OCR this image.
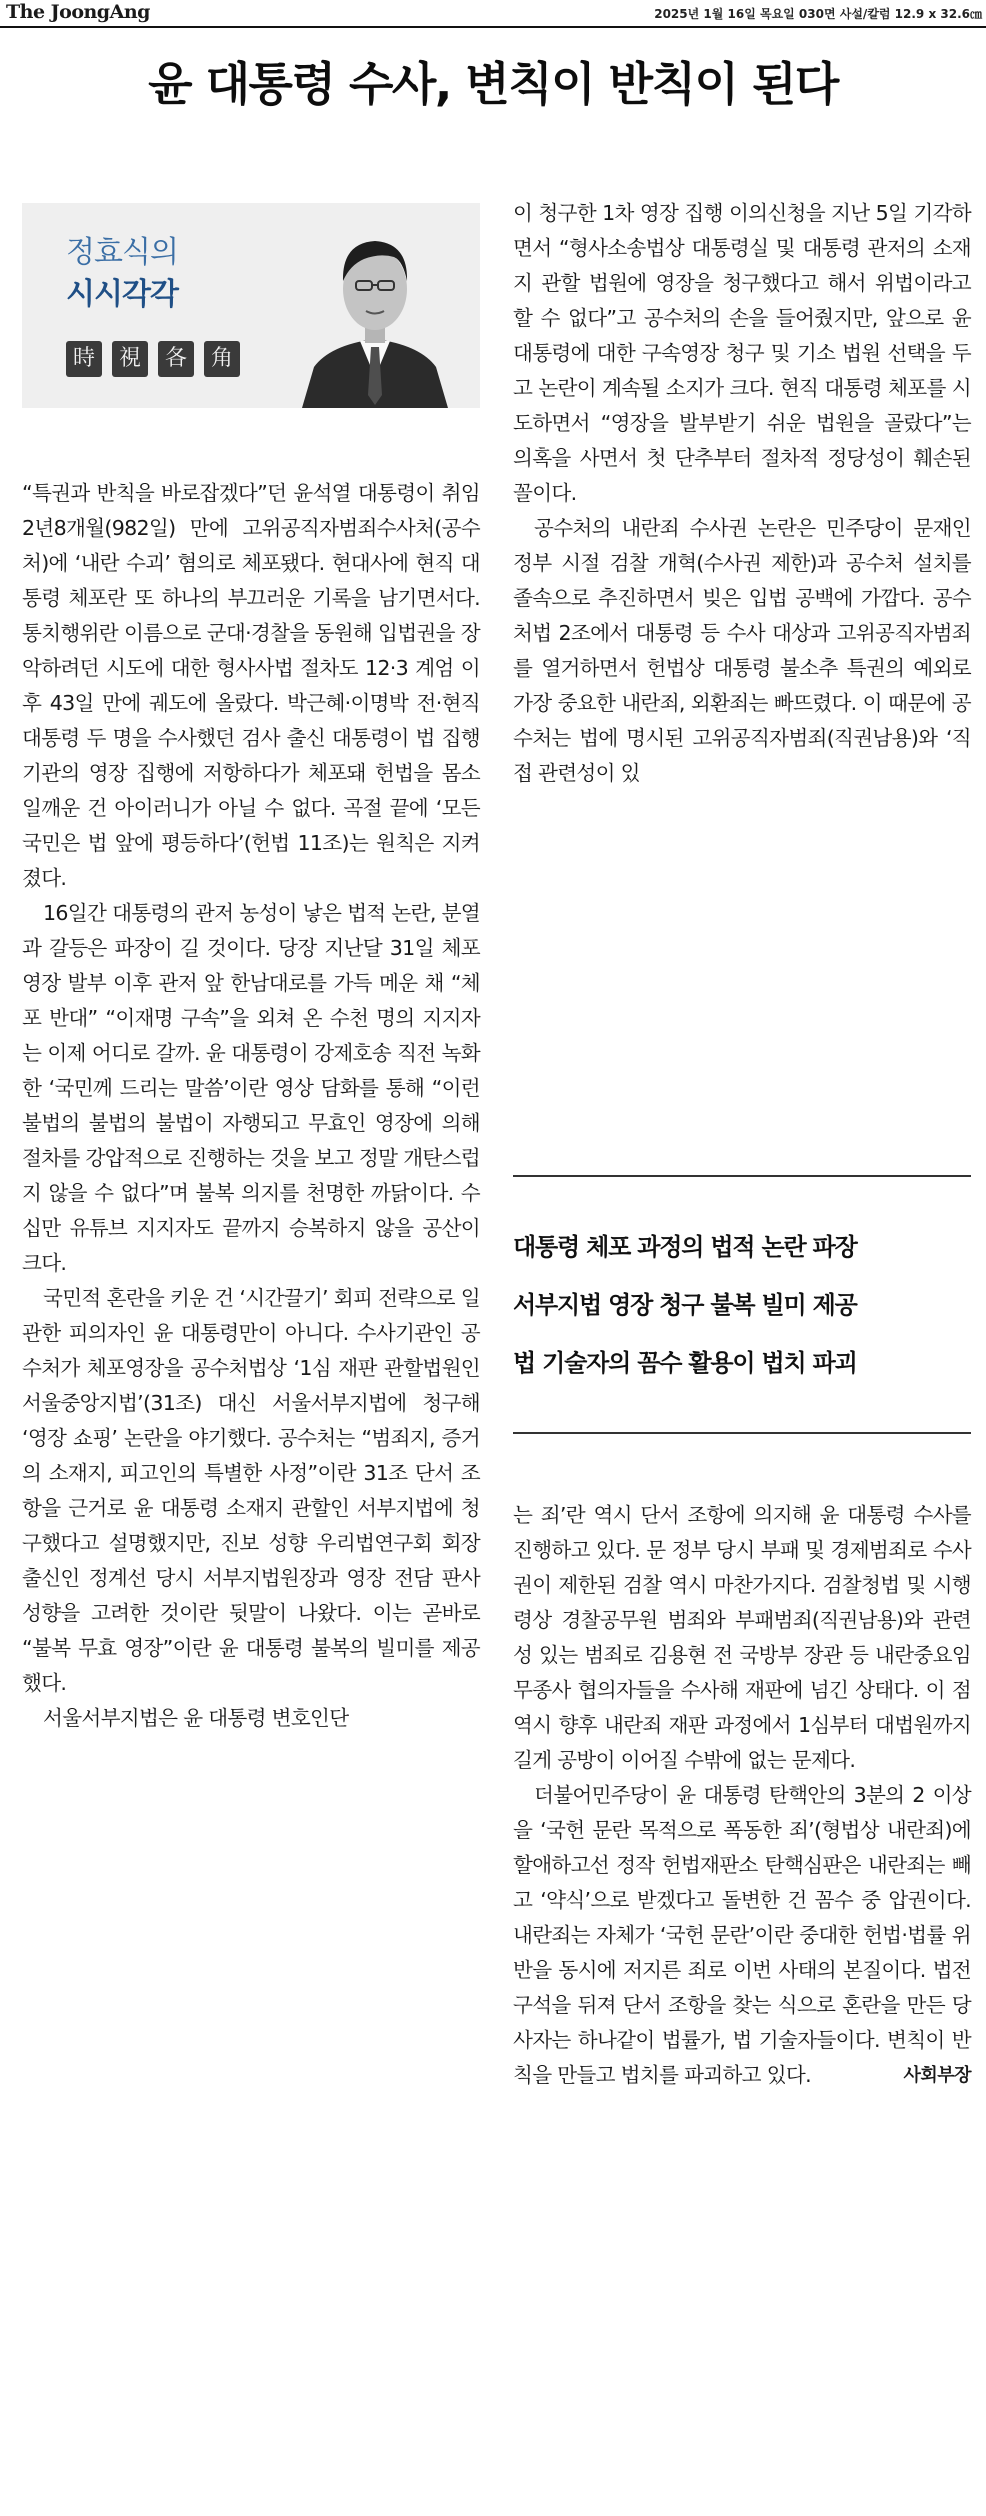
The JoongAng	2025년 1월 16일 목요일 030면 사설/칼럼 12.9 x 32.6㎝
윤 대통령 수사, 변칙이 반칙이 된다
정효식의
시시각각
時	視	各	角

“특권과 반칙을 바로잡겠다”던 윤석열 대통령이 취임 2년8개월(982일) 만에 고위공직자범죄수사처(공수처)에 ‘내란 수괴’ 혐의로 체포됐다. 현대사에 현직 대통령 체포란 또 하나의 부끄러운 기록을 남기면서다. 통치행위란 이름으로 군대·경찰을 동원해 입법권을 장악하려던 시도에 대한 형사사법 절차도 12·3 계엄 이후 43일 만에 궤도에 올랐다. 박근혜·이명박 전·현직 대통령 두 명을 수사했던 검사 출신 대통령이 법 집행기관의 영장 집행에 저항하다가 체포돼 헌법을 몸소 일깨운 건 아이러니가 아닐 수 없다. 곡절 끝에 ‘모든 국민은 법 앞에 평등하다’(헌법 11조)는 원칙은 지켜졌다.

16일간 대통령의 관저 농성이 낳은 법적 논란, 분열과 갈등은 파장이 길 것이다. 당장 지난달 31일 체포영장 발부 이후 관저 앞 한남대로를 가득 메운 채 “체포 반대” “이재명 구속”을 외쳐 온 수천 명의 지지자는 이제 어디로 갈까. 윤 대통령이 강제호송 직전 녹화한 ‘국민께 드리는 말씀’이란 영상 담화를 통해 “이런 불법의 불법의 불법이 자행되고 무효인 영장에 의해 절차를 강압적으로 진행하는 것을 보고 정말 개탄스럽지 않을 수 없다”며 불복 의지를 천명한 까닭이다. 수십만 유튜브 지지자도 끝까지 승복하지 않을 공산이 크다.

국민적 혼란을 키운 건 ‘시간끌기’ 회피 전략으로 일관한 피의자인 윤 대통령만이 아니다. 수사기관인 공수처가 체포영장을 공수처법상 ‘1심 재판 관할법원인 서울중앙지법’(31조) 대신 서울서부지법에 청구해 ‘영장 쇼핑’ 논란을 야기했다. 공수처는 “범죄지, 증거의 소재지, 피고인의 특별한 사정”이란 31조 단서 조항을 근거로 윤 대통령 소재지 관할인 서부지법에 청구했다고 설명했지만, 진보 성향 우리법연구회 회장 출신인 정계선 당시 서부지법원장과 영장 전담 판사 성향을 고려한 것이란 뒷말이 나왔다. 이는 곧바로 “불복 무효 영장”이란 윤 대통령 불복의 빌미를 제공했다.

서울서부지법은 윤 대통령 변호인단

이 청구한 1차 영장 집행 이의신청을 지난 5일 기각하면서 “형사소송법상 대통령실 및 대통령 관저의 소재지 관할 법원에 영장을 청구했다고 해서 위법이라고 할 수 없다”고 공수처의 손을 들어줬지만, 앞으로 윤 대통령에 대한 구속영장 청구 및 기소 법원 선택을 두고 논란이 계속될 소지가 크다. 현직 대통령 체포를 시도하면서 “영장을 발부받기 쉬운 법원을 골랐다”는 의혹을 사면서 첫 단추부터 절차적 정당성이 훼손된 꼴이다.

공수처의 내란죄 수사권 논란은 민주당이 문재인 정부 시절 검찰 개혁(수사권 제한)과 공수처 설치를 졸속으로 추진하면서 빚은 입법 공백에 가깝다. 공수처법 2조에서 대통령 등 수사 대상과 고위공직자범죄를 열거하면서 헌법상 대통령 불소추 특권의 예외로 가장 중요한 내란죄, 외환죄는 빠뜨렸다. 이 때문에 공수처는 법에 명시된 고위공직자범죄(직권남용)와 ‘직접 관련성이 있

대통령 체포 과정의 법적 논란 파장
서부지법 영장 청구 불복 빌미 제공
법 기술자의 꼼수 활용이 법치 파괴

는 죄’란 역시 단서 조항에 의지해 윤 대통령 수사를 진행하고 있다. 문 정부 당시 부패 및 경제범죄로 수사권이 제한된 검찰 역시 마찬가지다. 검찰청법 및 시행령상 경찰공무원 범죄와 부패범죄(직권남용)와 관련성 있는 범죄로 김용현 전 국방부 장관 등 내란중요임무종사 협의자들을 수사해 재판에 넘긴 상태다. 이 점 역시 향후 내란죄 재판 과정에서 1심부터 대법원까지 길게 공방이 이어질 수밖에 없는 문제다.

더불어민주당이 윤 대통령 탄핵안의 3분의 2 이상을 ‘국헌 문란 목적으로 폭동한 죄’(형법상 내란죄)에 할애하고선 정작 헌법재판소 탄핵심판은 내란죄는 빼고 ‘약식’으로 받겠다고 돌변한 건 꼼수 중 압권이다. 내란죄는 자체가 ‘국헌 문란’이란 중대한 헌법·법률 위반을 동시에 저지른 죄로 이번 사태의 본질이다. 법전 구석을 뒤져 단서 조항을 찾는 식으로 혼란을 만든 당사자는 하나같이 법률가, 법 기술자들이다. 변칙이 반칙을 만들고 법치를 파괴하고 있다.	사회부장
